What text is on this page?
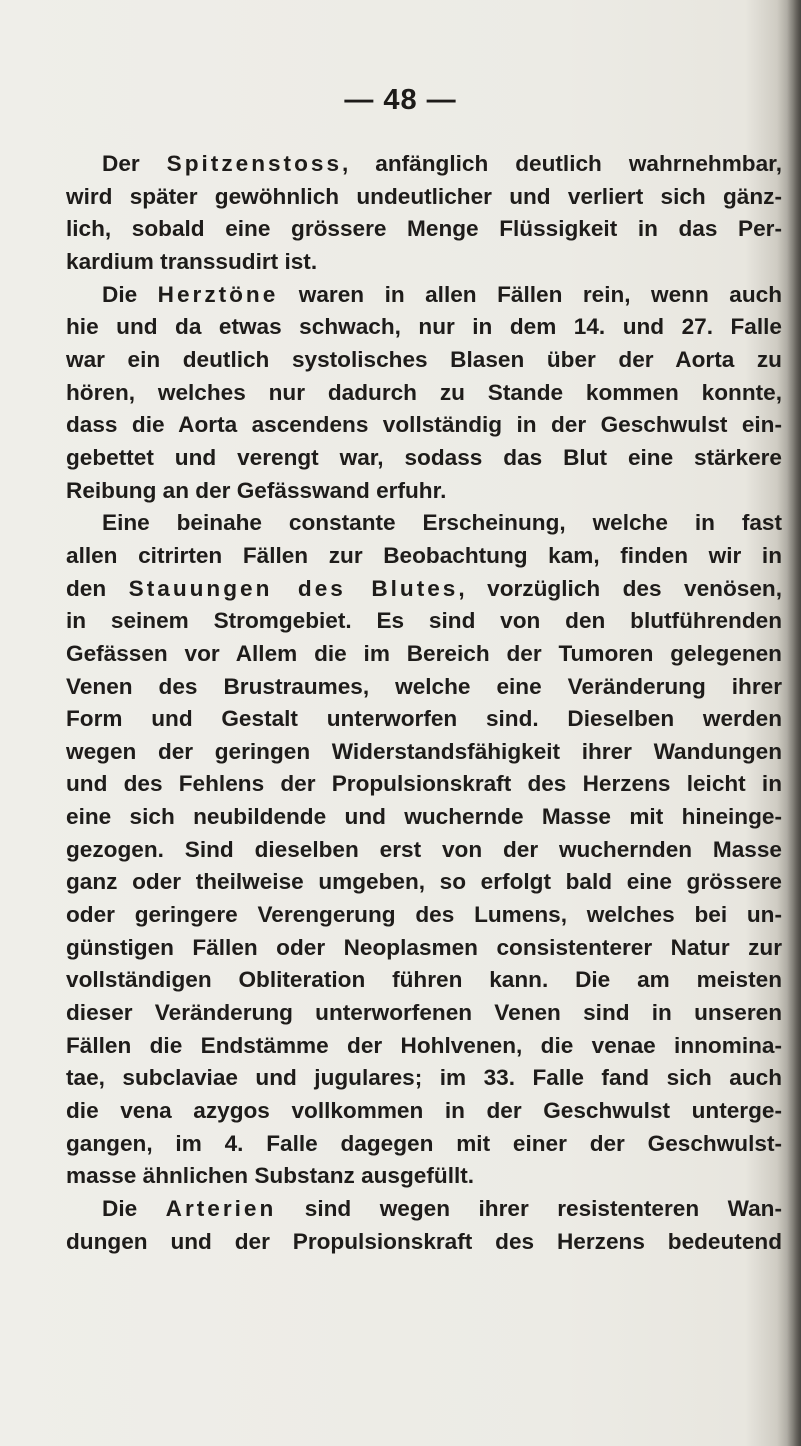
— 48 —
Der Spitzenstoss, anfänglich deutlich wahrnehmbar,
wird später gewöhnlich undeutlicher und verliert sich gänz-
lich, sobald eine grössere Menge Flüssigkeit in das Per-
kardium transsudirt ist.
Die Herztöne waren in allen Fällen rein, wenn auch
hie und da etwas schwach, nur in dem 14. und 27. Falle
war ein deutlich systolisches Blasen über der Aorta zu
hören, welches nur dadurch zu Stande kommen konnte,
dass die Aorta ascendens vollständig in der Geschwulst ein-
gebettet und verengt war, sodass das Blut eine stärkere
Reibung an der Gefässwand erfuhr.
Eine beinahe constante Erscheinung, welche in fast
allen citrirten Fällen zur Beobachtung kam, finden wir in
den Stauungen des Blutes, vorzüglich des venösen,
in seinem Stromgebiet. Es sind von den blutführenden
Gefässen vor Allem die im Bereich der Tumoren gelegenen
Venen des Brustraumes, welche eine Veränderung ihrer
Form und Gestalt unterworfen sind. Dieselben werden
wegen der geringen Widerstandsfähigkeit ihrer Wandungen
und des Fehlens der Propulsionskraft des Herzens leicht in
eine sich neubildende und wuchernde Masse mit hineinge-
gezogen. Sind dieselben erst von der wuchernden Masse
ganz oder theilweise umgeben, so erfolgt bald eine grössere
oder geringere Verengerung des Lumens, welches bei un-
günstigen Fällen oder Neoplasmen consistenterer Natur zur
vollständigen Obliteration führen kann. Die am meisten
dieser Veränderung unterworfenen Venen sind in unseren
Fällen die Endstämme der Hohlvenen, die venae innomina-
tae, subclaviae und jugulares; im 33. Falle fand sich auch
die vena azygos vollkommen in der Geschwulst unterge-
gangen, im 4. Falle dagegen mit einer der Geschwulst-
masse ähnlichen Substanz ausgefüllt.
Die Arterien sind wegen ihrer resistenteren Wan-
dungen und der Propulsionskraft des Herzens bedeutend
